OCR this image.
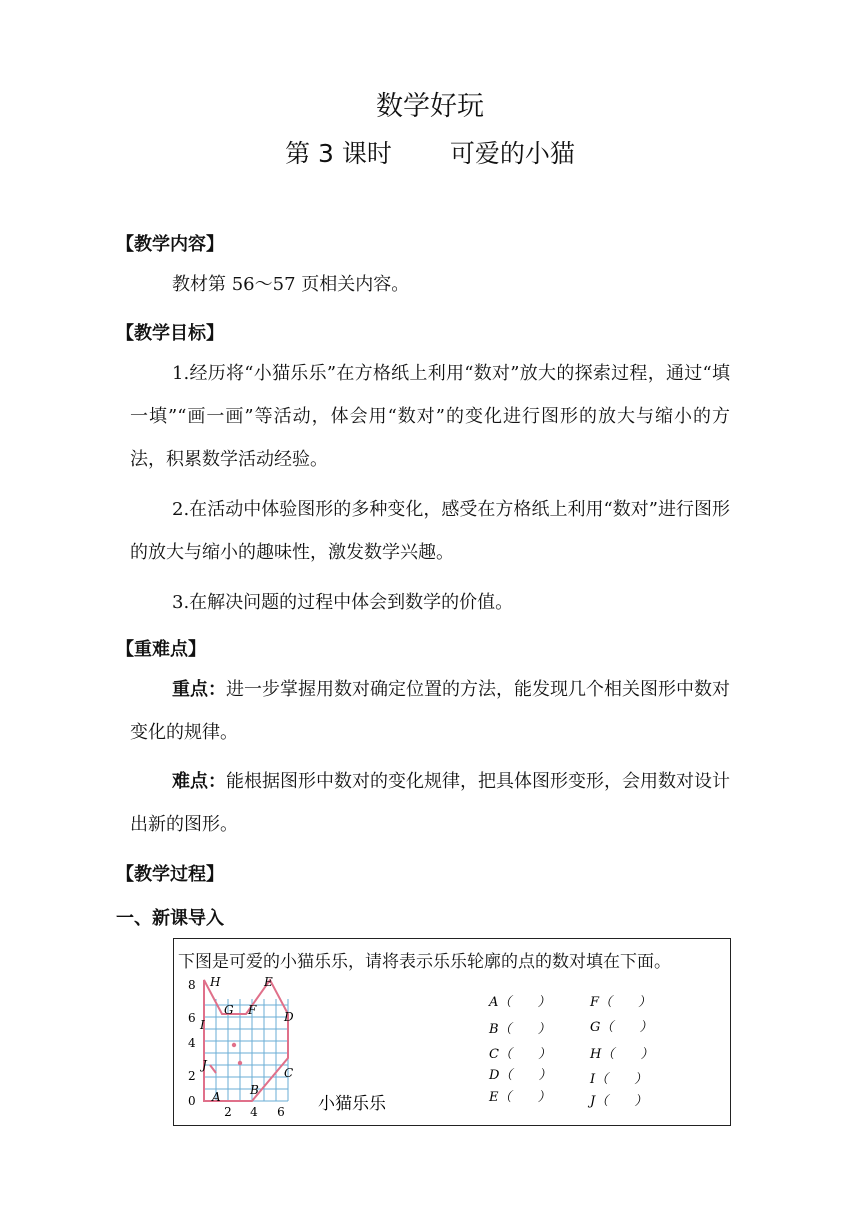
数学好玩
第 3 课时 可爱的小猫
【教学内容】
教材第 56～57 页相关内容。
【教学目标】
1.经历将“小猫乐乐”在方格纸上利用“数对”放大的探索过程，通过“填一填”“画一画”等活动，体会用“数对”的变化进行图形的放大与缩小的方法，积累数学活动经验。
2.在活动中体验图形的多种变化，感受在方格纸上利用“数对”进行图形的放大与缩小的趣味性，激发数学兴趣。
3.在解决问题的过程中体会到数学的价值。
【重难点】
重点：进一步掌握用数对确定位置的方法，能发现几个相关图形中数对变化的规律。
难点：能根据图形中数对的变化规律，把具体图形变形，会用数对设计出新的图形。
【教学过程】
一、新课导入
下图是可爱的小猫乐乐，请将表示乐乐轮廓的点的数对填在下面。
8
6
4
2
0
2 4 6
H	E
G F
I
D
J
C
A B
小猫乐乐
A（　　）
B（　　）
C（　　）
D（　　）
E（　　）
F（　　）
G（　　）
H（　　）
I（　　）
J（　　）
